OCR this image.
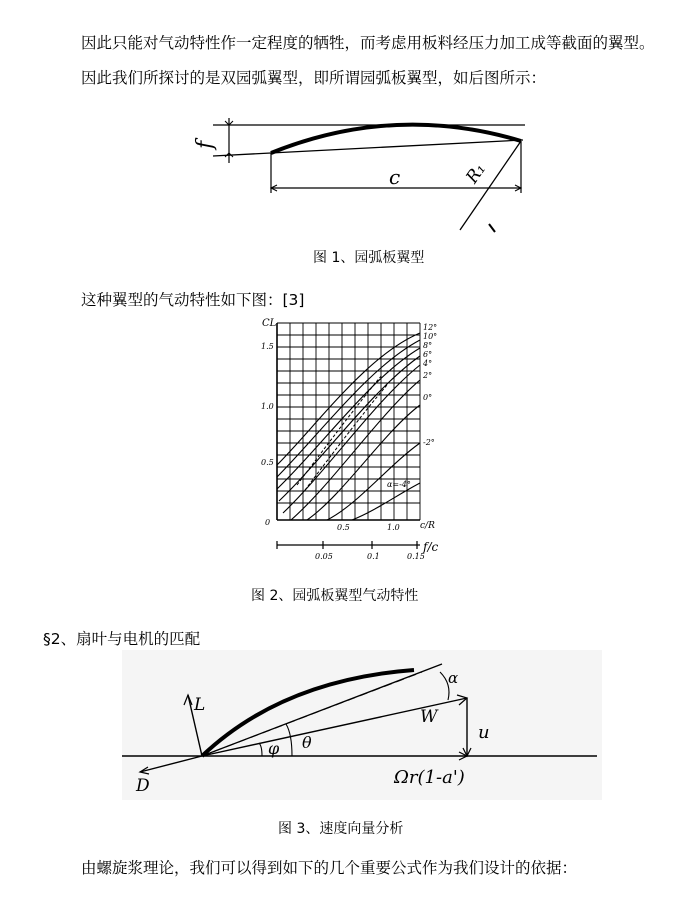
因此只能对气动特性作一定程度的牺牲，而考虑用板料经压力加工成等截面的翼型。
因此我们所探讨的是双园弧翼型，即所谓园弧板翼型，如后图所示：
f
c	R₁
图 1、园弧板翼型
这种翼型的气动特性如下图：[3]
CL
1.5
1.0
0.5
0
0.5	1.0 c/R
0.05	0.1	0.15
f/c
12°
10°
8°
6°
4°
2°
0°
-2°
α=-4°
图 2、园弧板翼型气动特性
§2、扇叶与电机的匹配
L
D
φ θ
α
W
u
Ωr(1-a')
图 3、速度向量分析
由螺旋浆理论，我们可以得到如下的几个重要公式作为我们设计的依据：
